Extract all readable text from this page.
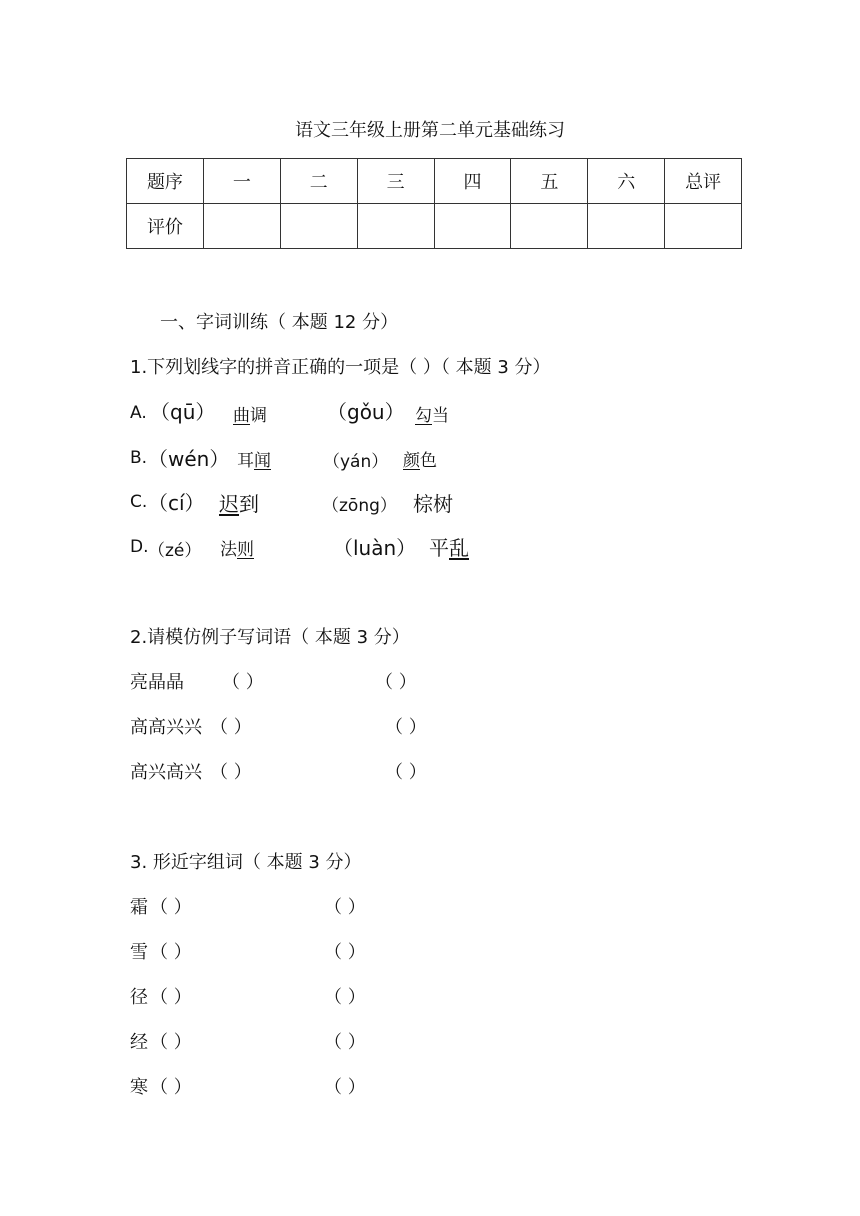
语文三年级上册第二单元基础练习
题序	一	二	三	四	五	六	总评
评价							
一、字词训练（ 本题 12 分）
1.下列划线字的拼音正确的一项是（ ）（ 本题 3 分）
A. （qū） 曲调	（gǒu） 勾当
B. （wén） 耳闻	（yán） 颜色
C. （cí） 迟到	（zōng） 棕树
D. （zé） 法则	（luàn） 平乱
2.请模仿例子写词语（ 本题 3 分）
亮晶晶 （ ）	（ ）
高高兴兴 （ ）	（ ）
高兴高兴 （ ）	（ ）
3. 形近字组词（ 本题 3 分）
霜 （ ）	（ ）
雪 （ ）	（ ）
径 （ ）	（ ）
经 （ ）	（ ）
寒 （ ）	（ ）
